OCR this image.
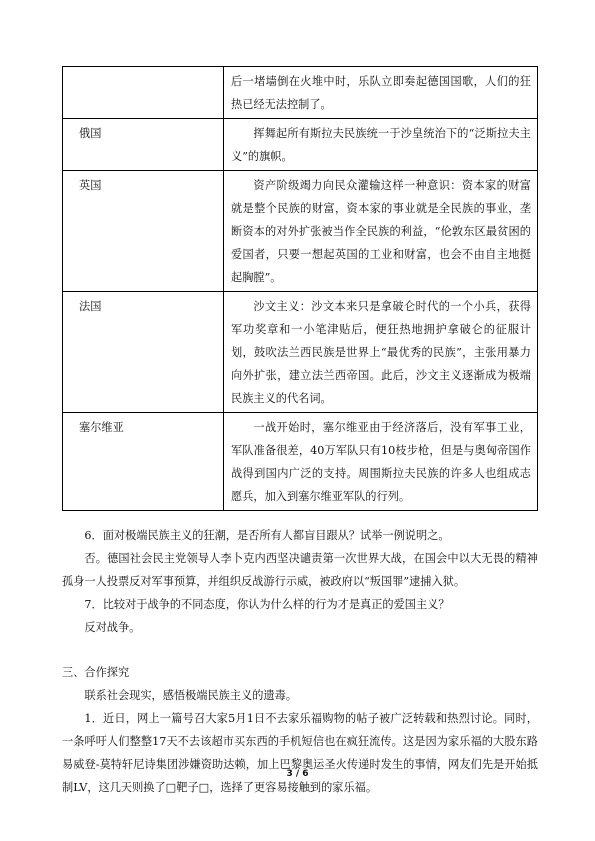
	后一堵墙倒在火堆中时，乐队立即奏起德国国歌，人们的狂热已经无法控制了。
俄国	挥舞起所有斯拉夫民族统一于沙皇统治下的“泛斯拉夫主义”的旗帜。
英国	资产阶级竭力向民众灌输这样一种意识：资本家的财富就是整个民族的财富，资本家的事业就是全民族的事业，垄断资本的对外扩张被当作全民族的利益，“伦敦东区最贫困的爱国者，只要一想起英国的工业和财富，也会不由自主地挺起胸膛”。
法国	沙文主义：沙文本来只是拿破仑时代的一个小兵，获得军功奖章和一小笔津贴后，便狂热地拥护拿破仑的征服计划，鼓吹法兰西民族是世界上“最优秀的民族”，主张用暴力向外扩张，建立法兰西帝国。此后，沙文主义逐渐成为极端民族主义的代名词。
塞尔维亚	一战开始时，塞尔维亚由于经济落后，没有军事工业，军队准备很差，40万军队只有10枝步枪，但是与奥匈帝国作战得到国内广泛的支持。周围斯拉夫民族的许多人也组成志愿兵，加入到塞尔维亚军队的行列。

6．面对极端民族主义的狂潮，是否所有人都盲目跟从？试举一例说明之。

否。德国社会民主党领导人李卜克内西坚决谴责第一次世界大战，在国会中以大无畏的精神孤身一人投票反对军事预算，并组织反战游行示威，被政府以“叛国罪”逮捕入狱。

7．比较对于战争的不同态度，你认为什么样的行为才是真正的爱国主义？

反对战争。

三、合作探究

联系社会现实，感悟极端民族主义的遗毒。

1．近日，网上一篇号召大家5月1日不去家乐福购物的帖子被广泛转载和热烈讨论。同时，一条呼吁人们整整17天不去该超市买东西的手机短信也在疯狂流传。这是因为家乐福的大股东路易威登-莫特轩尼诗集团涉嫌资助达赖，加上巴黎奥运圣火传递时发生的事情，网友们先是开始抵制LV，这几天则换了□靶子□，选择了更容易接触到的家乐福。

3 / 6
